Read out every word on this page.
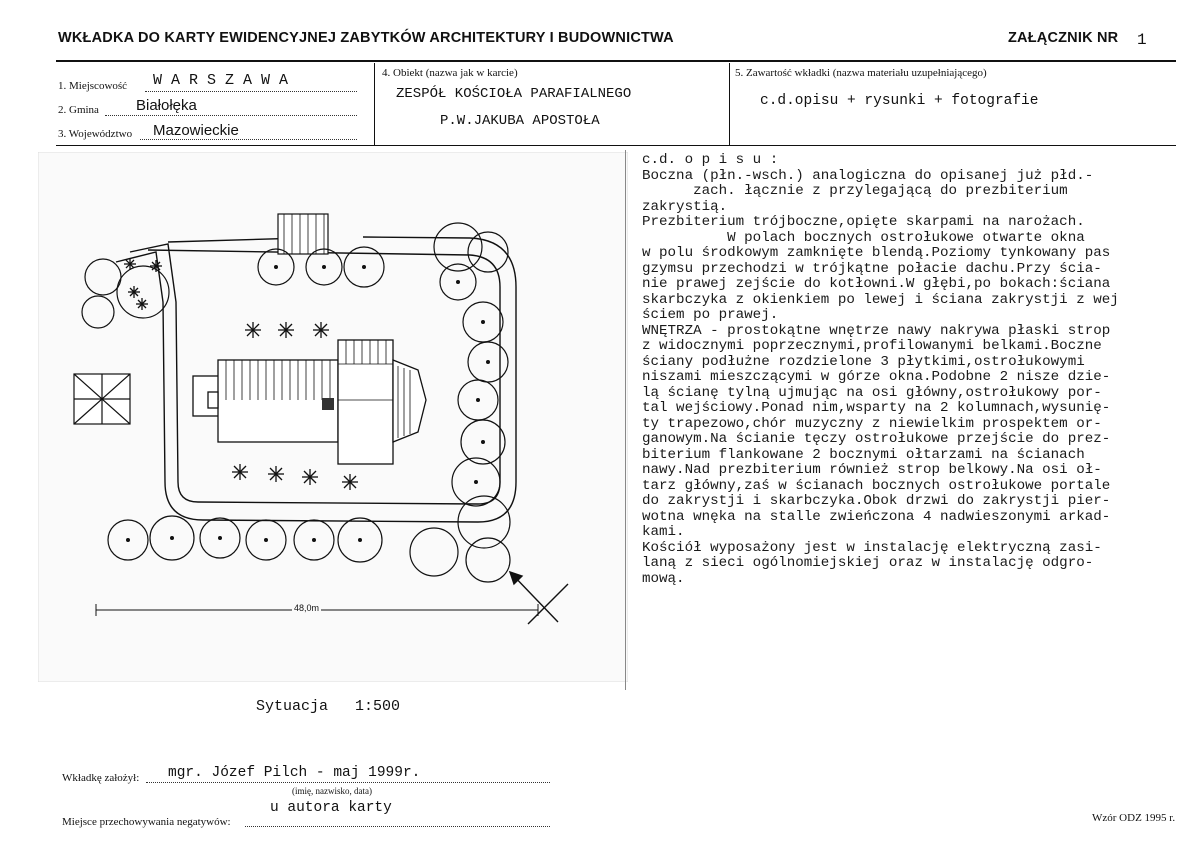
WKŁADKA DO KARTY EWIDENCYJNEJ ZABYTKÓW ARCHITEKTURY I BUDOWNICTWA	ZAŁĄCZNIK NR 1
1. Miejscowość W A R S Z A W A
2. Gmina Białołęka
3. Województwo Mazowieckie
4. Obiekt (nazwa jak w karcie)
ZESPÓŁ KOŚCIOŁA PARAFIALNEGO
P.W.JAKUBA APOSTOŁA
5. Zawartość wkładki (nazwa materiału uzupełniającego)
c.d.opisu + rysunki + fotografie
48,0m
Sytuacja   1:500
c.d. o p i s u :
Boczna (płn.-wsch.) analogiczna do opisanej już płd.-
zach. łącznie z przylegającą do prezbiterium
zakrystią.
Prezbiterium trójboczne,opięte skarpami na narożach.
W polach bocznych ostrołukowe otwarte okna
w polu środkowym zamknięte blendą.Poziomy tynkowany pas
gzymsu przechodzi w trójkątne połacie dachu.Przy ścia-
nie prawej zejście do kotłowni.W głębi,po bokach:ściana
skarbczyka z okienkiem po lewej i ściana zakrystji z wej
ściem po prawej.
WNĘTRZA - prostokątne wnętrze nawy nakrywa płaski strop
z widocznymi poprzecznymi,profilowanymi belkami.Boczne
ściany podłużne rozdzielone 3 płytkimi,ostrołukowymi
niszami mieszczącymi w górze okna.Podobne 2 nisze dzie-
lą ścianę tylną ujmując na osi główny,ostrołukowy por-
tal wejściowy.Ponad nim,wsparty na 2 kolumnach,wysunię-
ty trapezowo,chór muzyczny z niewielkim prospektem or-
ganowym.Na ścianie tęczy ostrołukowe przejście do prez-
biterium flankowane 2 bocznymi ołtarzami na ścianach
nawy.Nad prezbiterium również strop belkowy.Na osi oł-
tarz główny,zaś w ścianach bocznych ostrołukowe portale
do zakrystji i skarbczyka.Obok drzwi do zakrystji pier-
wotna wnęka na stalle zwieńczona 4 nadwieszonymi arkad-
kami.
Kościół wyposażony jest w instalację elektryczną zasi-
laną z sieci ogólnomiejskiej oraz w instalację odgro-
mową.
Wkładkę założył: mgr. Józef Pilch - maj 1999r.
(imię, nazwisko, data)
Miejsce przechowywania negatywów:
u autora karty
Wzór ODZ 1995 r.
